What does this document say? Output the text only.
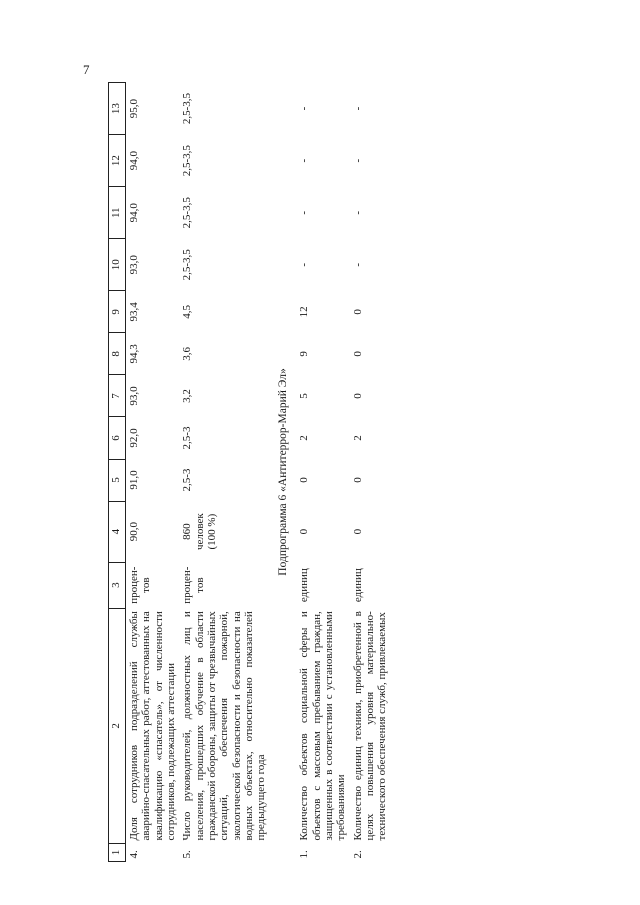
7
1	2	3	4	5	6	7	8	9	10	11	12	13
4.	Доля сотрудников подразделений службы аварийно-спасательных работ, аттестованных на квалификацию «спасатель», от численности сотрудников, подлежащих аттестации	процен-тов	90,0	91,0	92,0	93,0	94,3	93,4	93,0	94,0	94,0	95,0
5.	Число руководителей, должностных лиц и населения, прошедших обучение в области гражданской обороны, защиты от чрезвычайных ситуаций, обеспечения пожарной, экологической безопасности и безопасности на водных объектах, относительно показателей предыдущего года	процен-тов	860 человек (100 %)	2,5-3	2,5-3	3,2	3,6	4,5	2,5-3,5	2,5-3,5	2,5-3,5	2,5-3,5
Подпрограмма 6 «Антитеррор-Марий Эл»												
1.	Количество объектов социальной сферы и объектов с массовым пребыванием граждан, защищенных в соответствии с установленными требованиями	единиц	0	0	2	5	9	12	-	-	-	-
2.	Количество единиц техники, приобретенной в целях повышения уровня материально-технического обеспечения служб, привлекаемых	единиц	0	0	2	0	0	0	-	-	-	-
